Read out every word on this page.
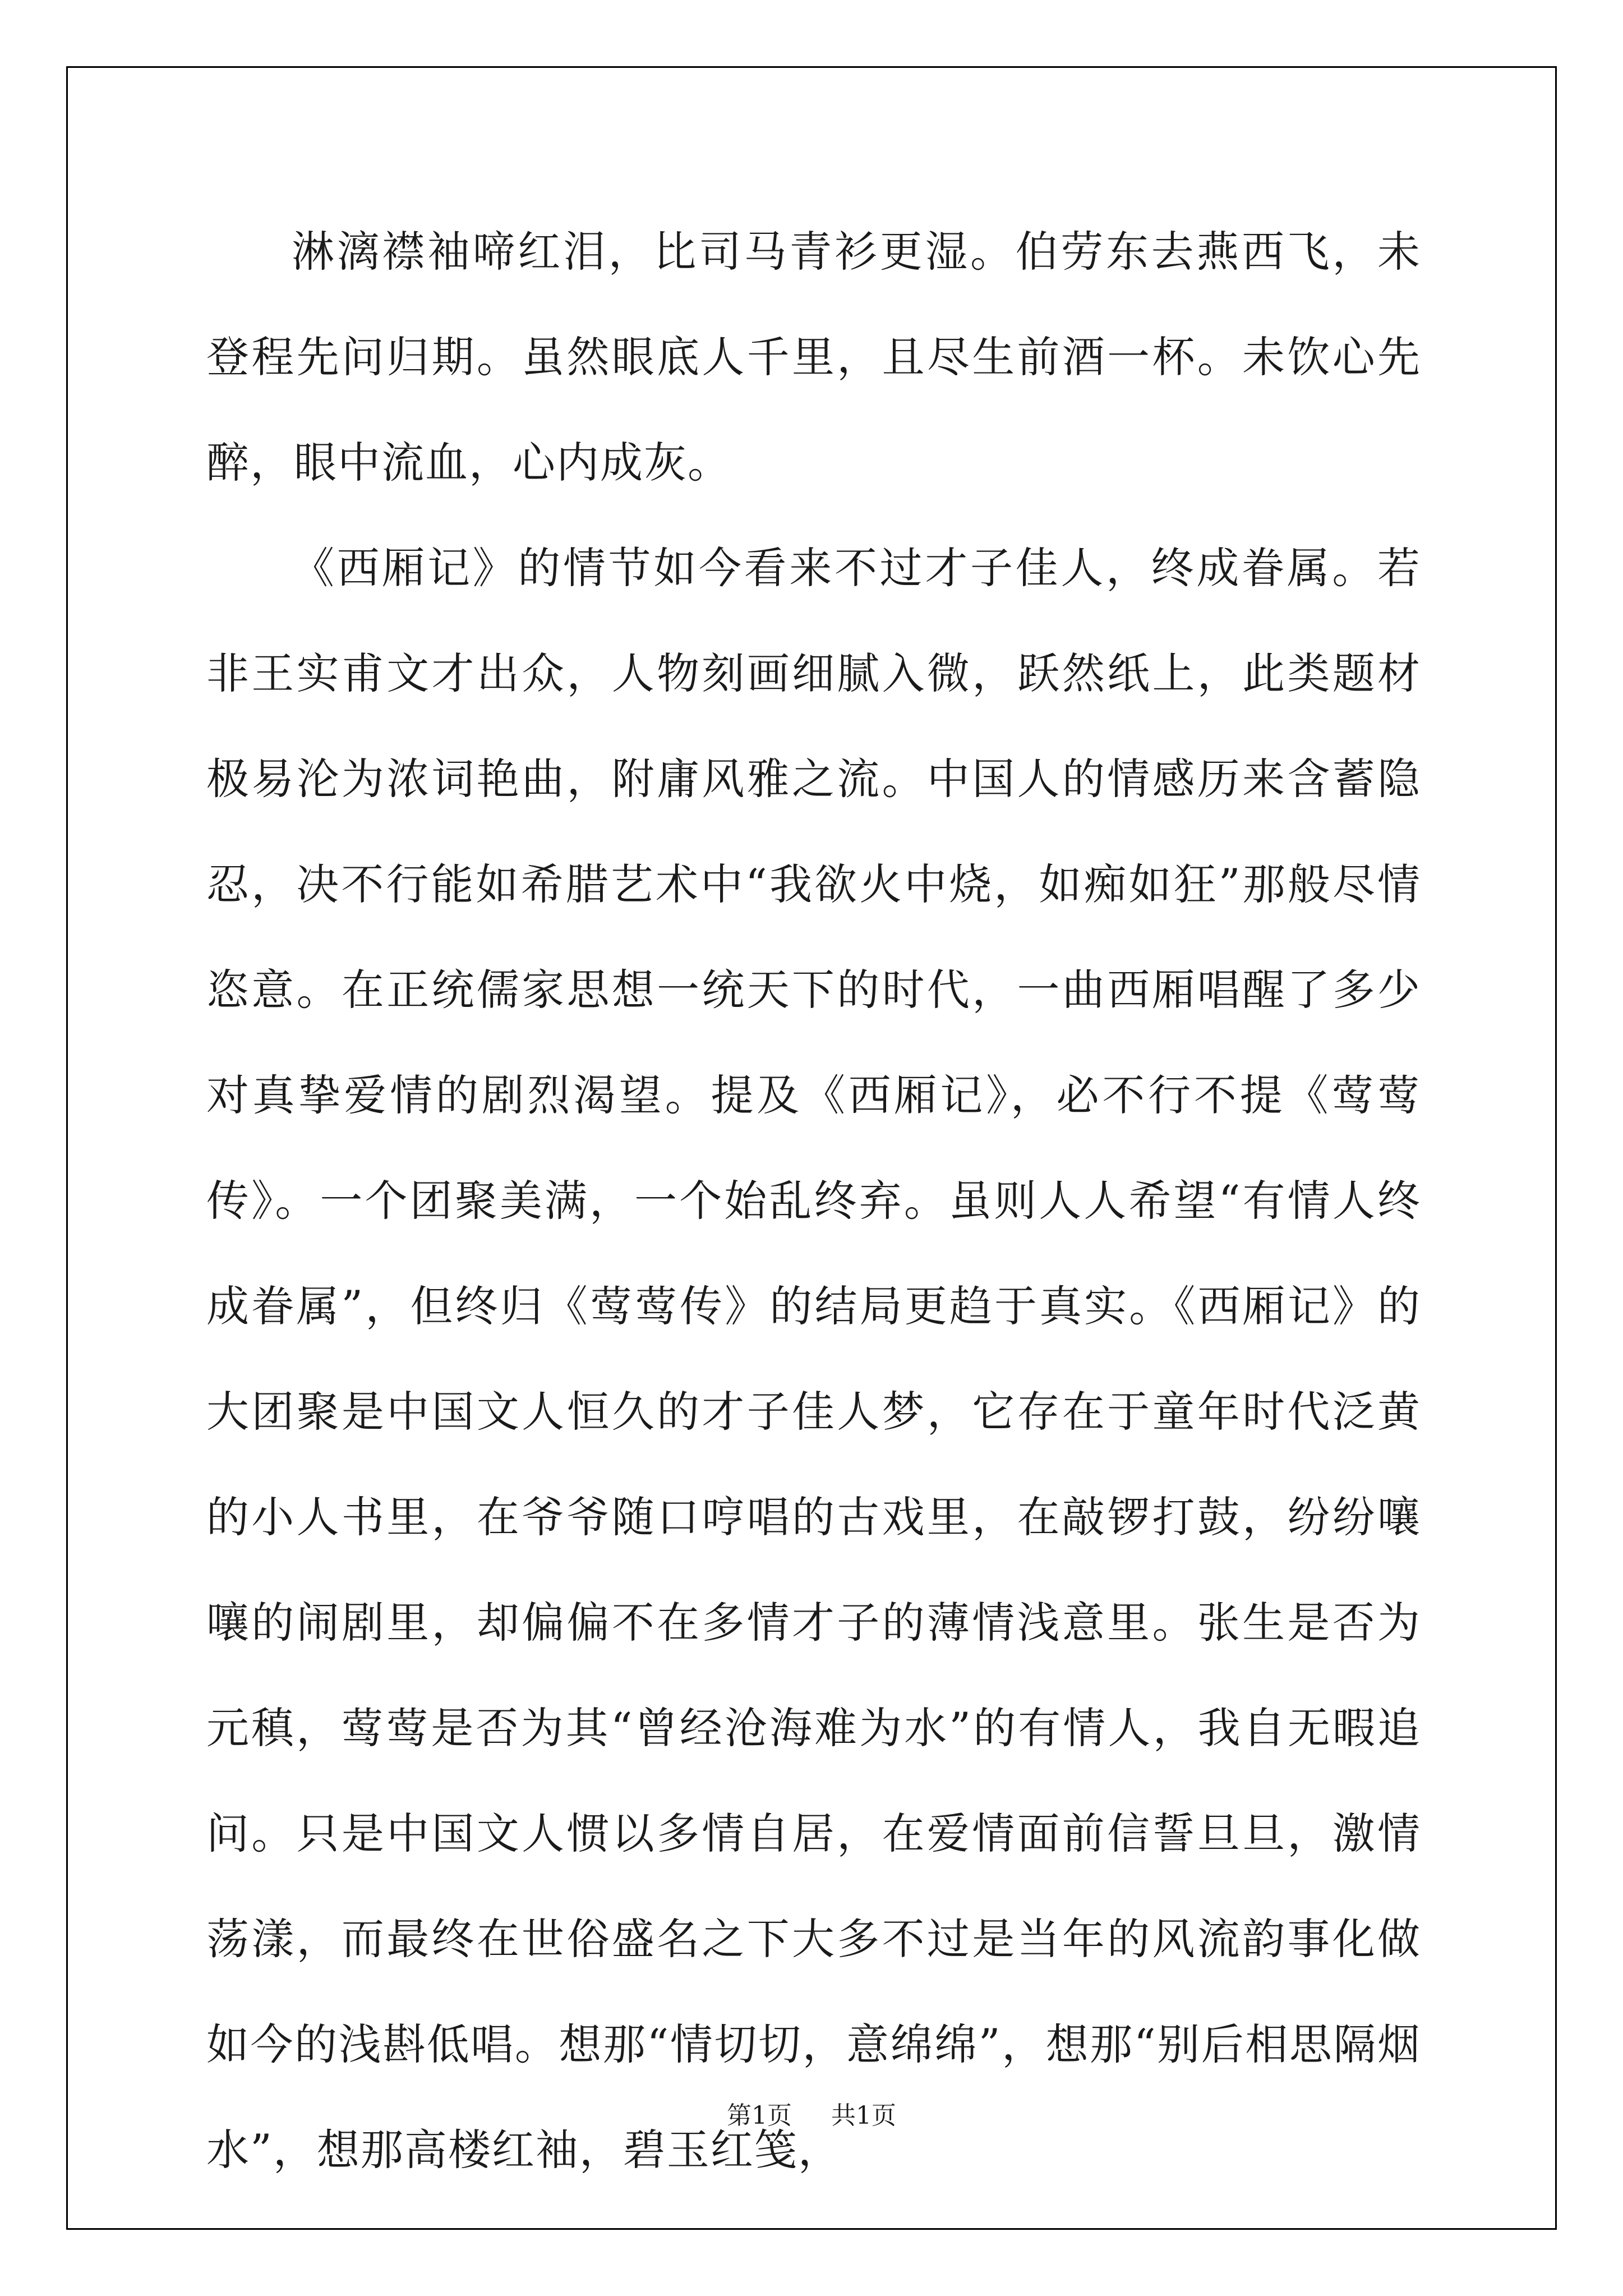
淋漓襟袖啼红泪，比司马青衫更湿。伯劳东去燕西飞，未登程先问归期。虽然眼底人千里，且尽生前酒一杯。未饮心先醉，眼中流血，心内成灰。

《西厢记》的情节如今看来不过才子佳人，终成眷属。若非王实甫文才出众，人物刻画细腻入微，跃然纸上，此类题材极易沦为浓词艳曲，附庸风雅之流。中国人的情感历来含蓄隐忍，决不行能如希腊艺术中“我欲火中烧，如痴如狂”那般尽情恣意。在正统儒家思想一统天下的时代，一曲西厢唱醒了多少对真挚爱情的剧烈渴望。提及《西厢记》，必不行不提《莺莺传》。一个团聚美满，一个始乱终弃。虽则人人希望“有情人终成眷属”，但终归《莺莺传》的结局更趋于真实。《西厢记》的大团聚是中国文人恒久的才子佳人梦，它存在于童年时代泛黄的小人书里，在爷爷随口哼唱的古戏里，在敲锣打鼓，纷纷嚷嚷的闹剧里，却偏偏不在多情才子的薄情浅意里。张生是否为元稹，莺莺是否为其“曾经沧海难为水”的有情人，我自无暇追问。只是中国文人惯以多情自居，在爱情面前信誓旦旦，激情荡漾，而最终在世俗盛名之下大多不过是当年的风流韵事化做如今的浅斟低唱。想那“情切切，意绵绵”，想那“别后相思隔烟水”，想那高楼红袖，碧玉红笺，

第1页 共1页
